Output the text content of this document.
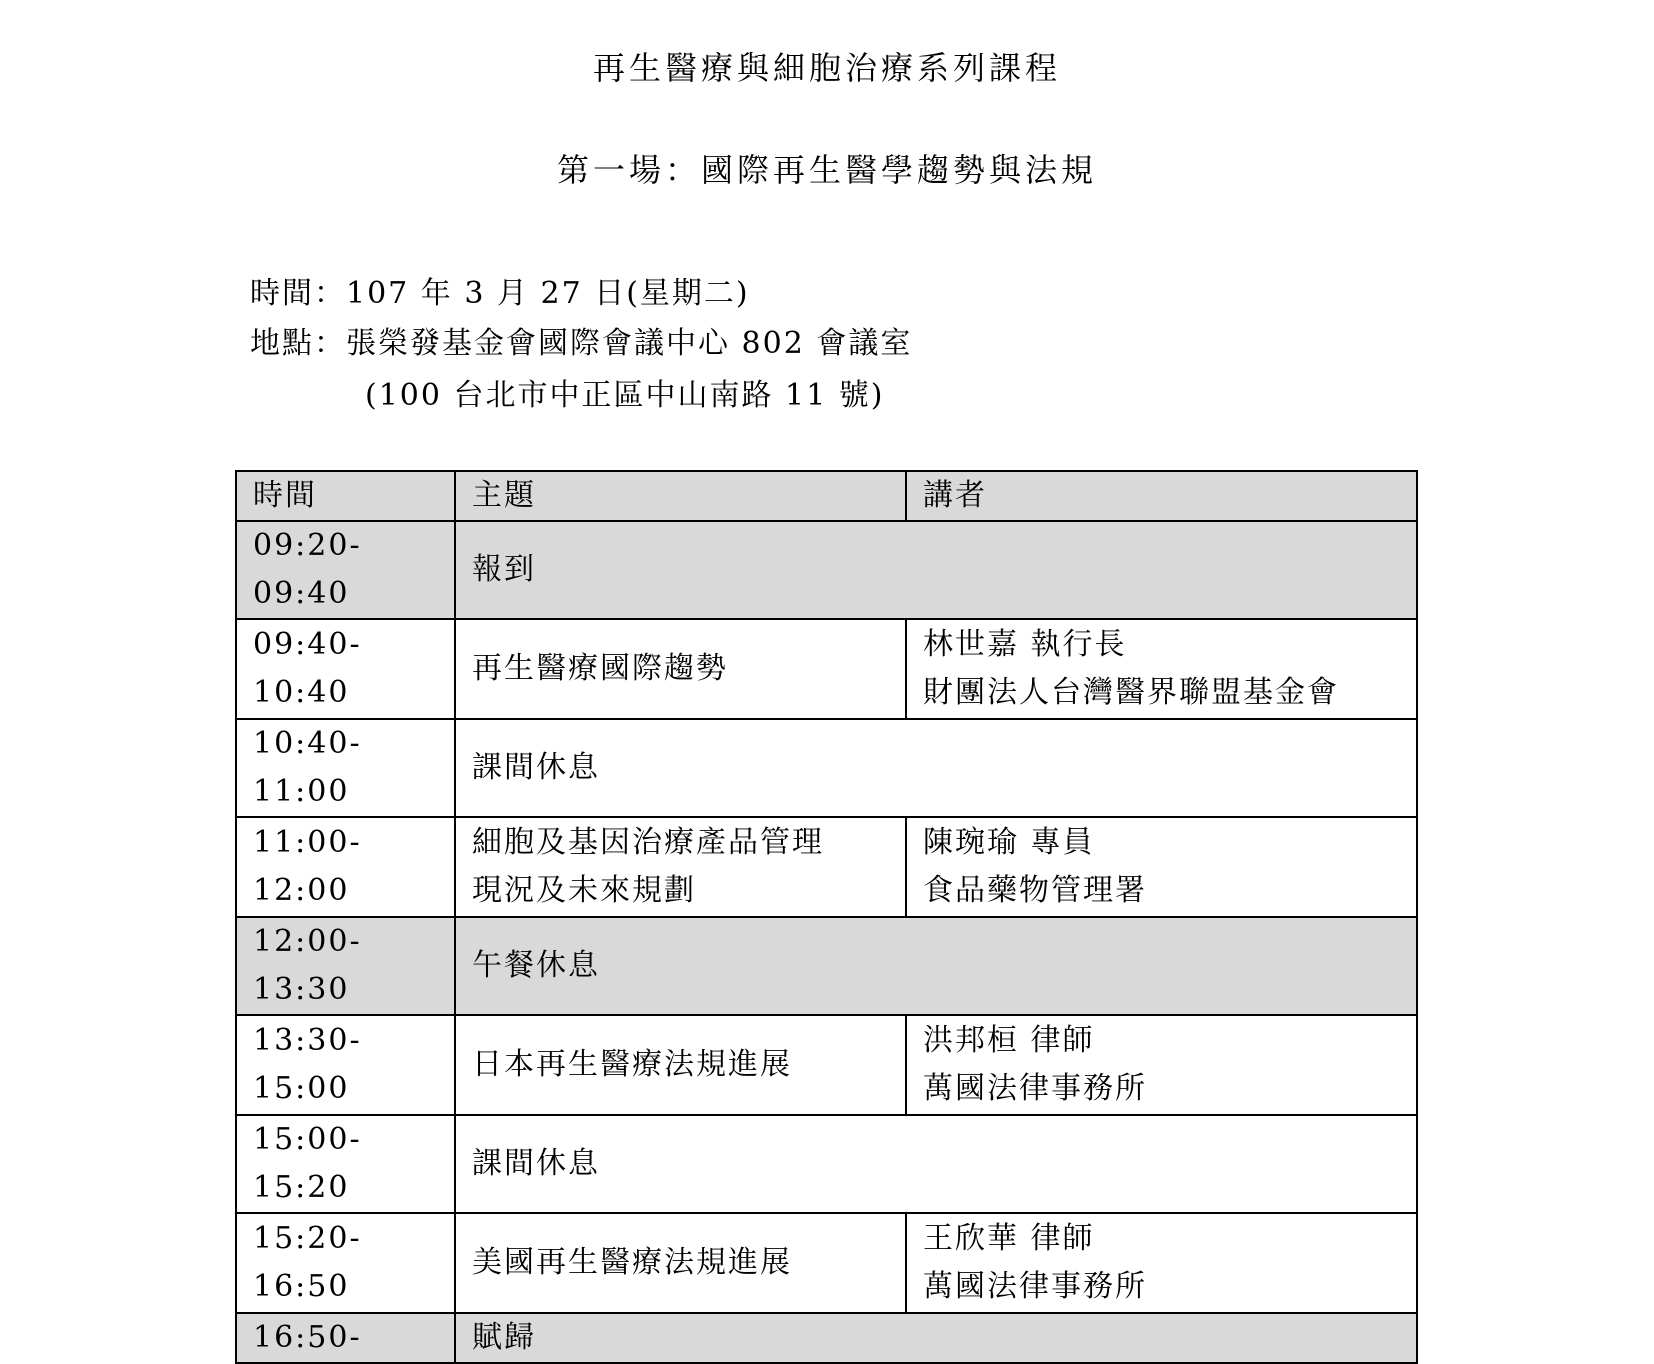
再生醫療與細胞治療系列課程
第一場：國際再生醫學趨勢與法規
時間：107 年 3 月 27 日(星期二)
地點：張榮發基金會國際會議中心 802 會議室
(100 台北市中正區中山南路 11 號)
時間	主題	講者
09:20-09:40	報到	

09:40-10:40	再生醫療國際趨勢	林世嘉 執行長
財團法人台灣醫界聯盟基金會

10:40-11:00	課間休息	

11:00-12:00	細胞及基因治療產品管理
現況及未來規劃	陳琬瑜 專員
食品藥物管理署

12:00-13:30	午餐休息	

13:30-15:00	日本再生醫療法規進展	洪邦桓 律師
萬國法律事務所

15:00-15:20	課間休息	

15:20-16:50	美國再生醫療法規進展	王欣華 律師
萬國法律事務所

16:50-	賦歸	
